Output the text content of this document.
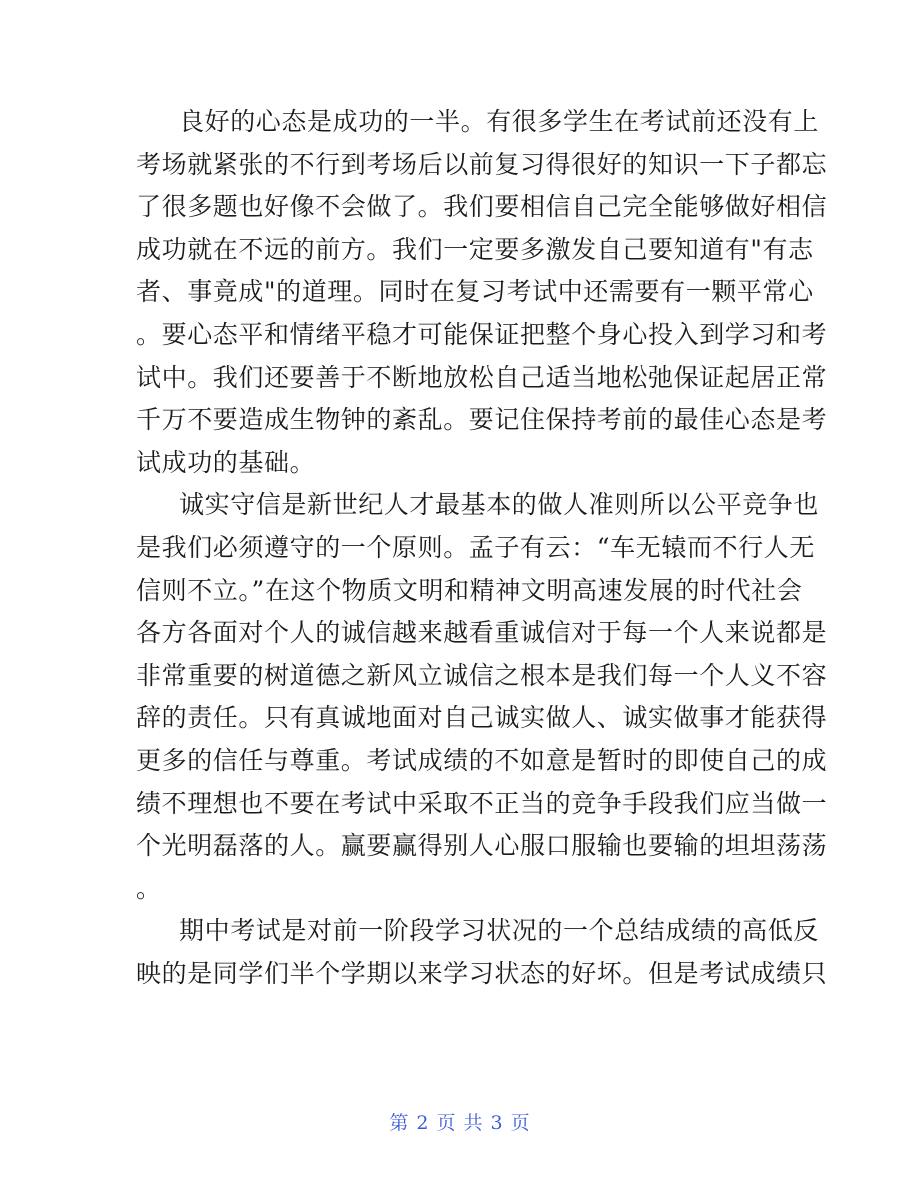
良好的心态是成功的一半。有很多学生在考试前还没有上
考场就紧张的不行到考场后以前复习得很好的知识一下子都忘
了很多题也好像不会做了。我们要相信自己完全能够做好相信
成功就在不远的前方。我们一定要多激发自己要知道有"有志
者、事竟成"的道理。同时在复习考试中还需要有一颗平常心
。要心态平和情绪平稳才可能保证把整个身心投入到学习和考
试中。我们还要善于不断地放松自己适当地松弛保证起居正常
千万不要造成生物钟的紊乱。要记住保持考前的最佳心态是考
试成功的基础。
诚实守信是新世纪人才最基本的做人准则所以公平竞争也
是我们必须遵守的一个原则。孟子有云：“车无辕而不行人无
信则不立。”在这个物质文明和精神文明高速发展的时代社会
各方各面对个人的诚信越来越看重诚信对于每一个人来说都是
非常重要的树道德之新风立诚信之根本是我们每一个人义不容
辞的责任。只有真诚地面对自己诚实做人、诚实做事才能获得
更多的信任与尊重。考试成绩的不如意是暂时的即使自己的成
绩不理想也不要在考试中采取不正当的竞争手段我们应当做一
个光明磊落的人。赢要赢得别人心服口服输也要输的坦坦荡荡
。
期中考试是对前一阶段学习状况的一个总结成绩的高低反
映的是同学们半个学期以来学习状态的好坏。但是考试成绩只
第 2 页 共 3 页
